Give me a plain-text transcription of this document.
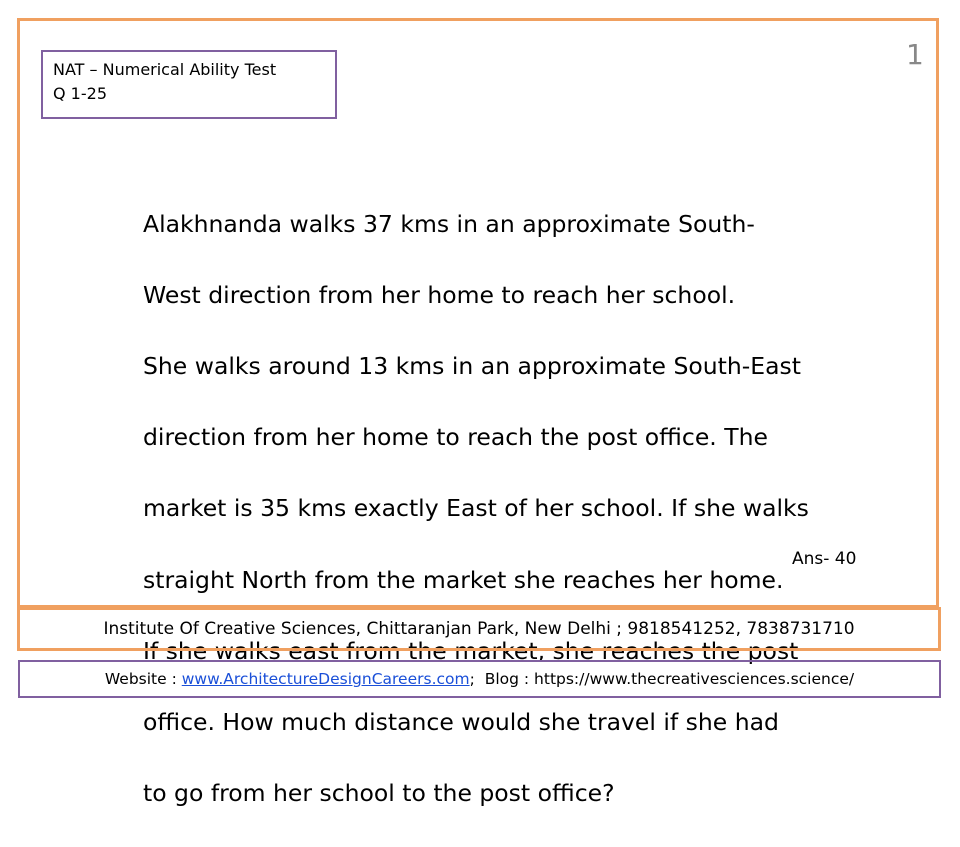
NAT – Numerical Ability Test
Q 1-25
1

Alakhnanda walks 37 kms in an approximate South-

West direction from her home to reach her school.

She walks around 13 kms in an approximate South-East

direction from her home to reach the post office. The

market is 35 kms exactly East of her school. If she walks

straight North from the market she reaches her home.

If she walks east from the market, she reaches the post

office. How much distance would she travel if she had

to go from her school to the post office?

Ans- 40
Institute Of Creative Sciences, Chittaranjan Park, New Delhi ; 9818541252, 7838731710
Website :
www.ArchitectureDesignCareers.com ;
Blog : https://www.thecreativesciences.science/
